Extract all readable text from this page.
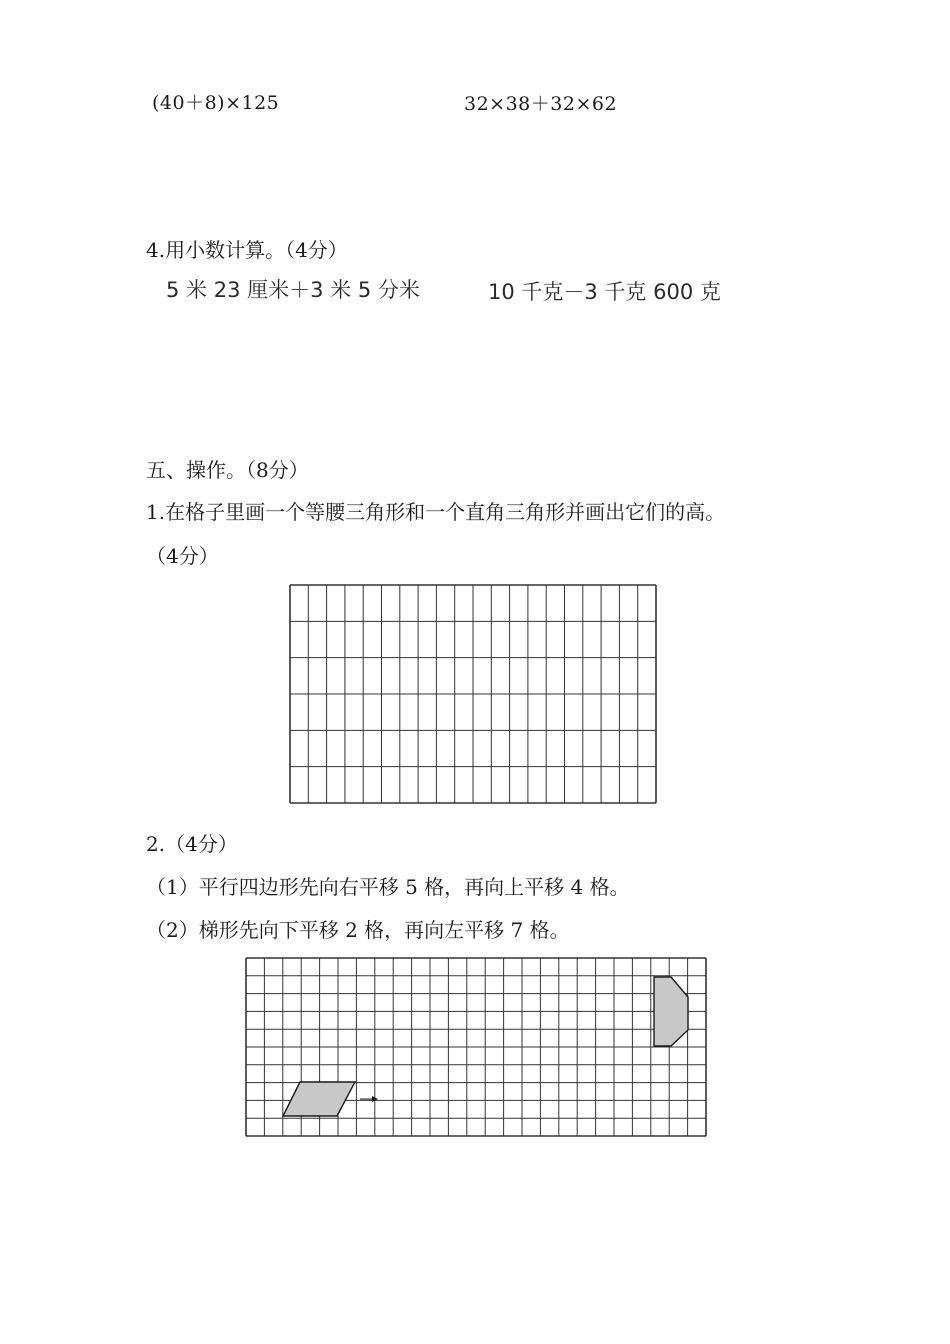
(40＋8)×125	32×38＋32×62
4.用小数计算。（4分）
5 米 23 厘米＋3 米 5 分米	10 千克－3 千克 600 克
五、操作。（8分）
1.在格子里画一个等腰三角形和一个直角三角形并画出它们的高。
（4分）
2.（4分）
（1）平行四边形先向右平移 5 格，再向上平移 4 格。
（2）梯形先向下平移 2 格，再向左平移 7 格。
